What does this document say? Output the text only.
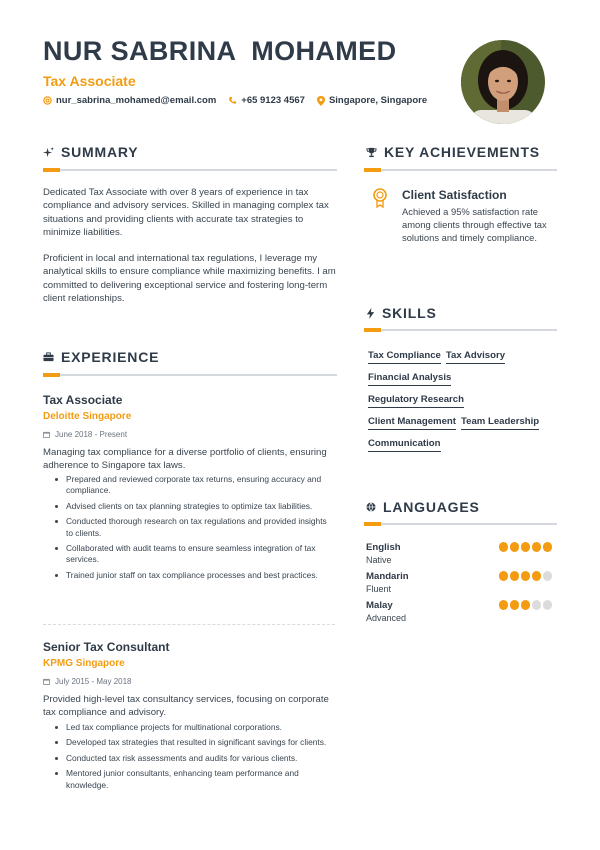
NUR SABRINA  MOHAMED
Tax Associate
nur_sabrina_mohamed@email.com	+65 9123 4567	Singapore, Singapore
SUMMARY
Dedicated Tax Associate with over 8 years of experience in tax compliance and advisory services. Skilled in managing complex tax situations and providing clients with accurate tax strategies to minimize liabilities.
Proficient in local and international tax regulations, I leverage my analytical skills to ensure compliance while maximizing benefits. I am committed to delivering exceptional service and fostering long-term client relationships.
EXPERIENCE
Tax Associate
Deloitte Singapore
June 2018 - Present
Managing tax compliance for a diverse portfolio of clients, ensuring adherence to Singapore tax laws.
Prepared and reviewed corporate tax returns, ensuring accuracy and compliance.
Advised clients on tax planning strategies to optimize tax liabilities.
Conducted thorough research on tax regulations and provided insights to clients.
Collaborated with audit teams to ensure seamless integration of tax services.
Trained junior staff on tax compliance processes and best practices.
Senior Tax Consultant
KPMG Singapore
July 2015 - May 2018
Provided high-level tax consultancy services, focusing on corporate tax compliance and advisory.
Led tax compliance projects for multinational corporations.
Developed tax strategies that resulted in significant savings for clients.
Conducted tax risk assessments and audits for various clients.
Mentored junior consultants, enhancing team performance and knowledge.
KEY ACHIEVEMENTS
Client Satisfaction
Achieved a 95% satisfaction rate among clients through effective tax solutions and timely compliance.
SKILLS
Tax Compliance Tax Advisory
Financial Analysis
Regulatory Research
Client Management Team Leadership
Communication
LANGUAGES
English
Native
Mandarin
Fluent
Malay
Advanced
